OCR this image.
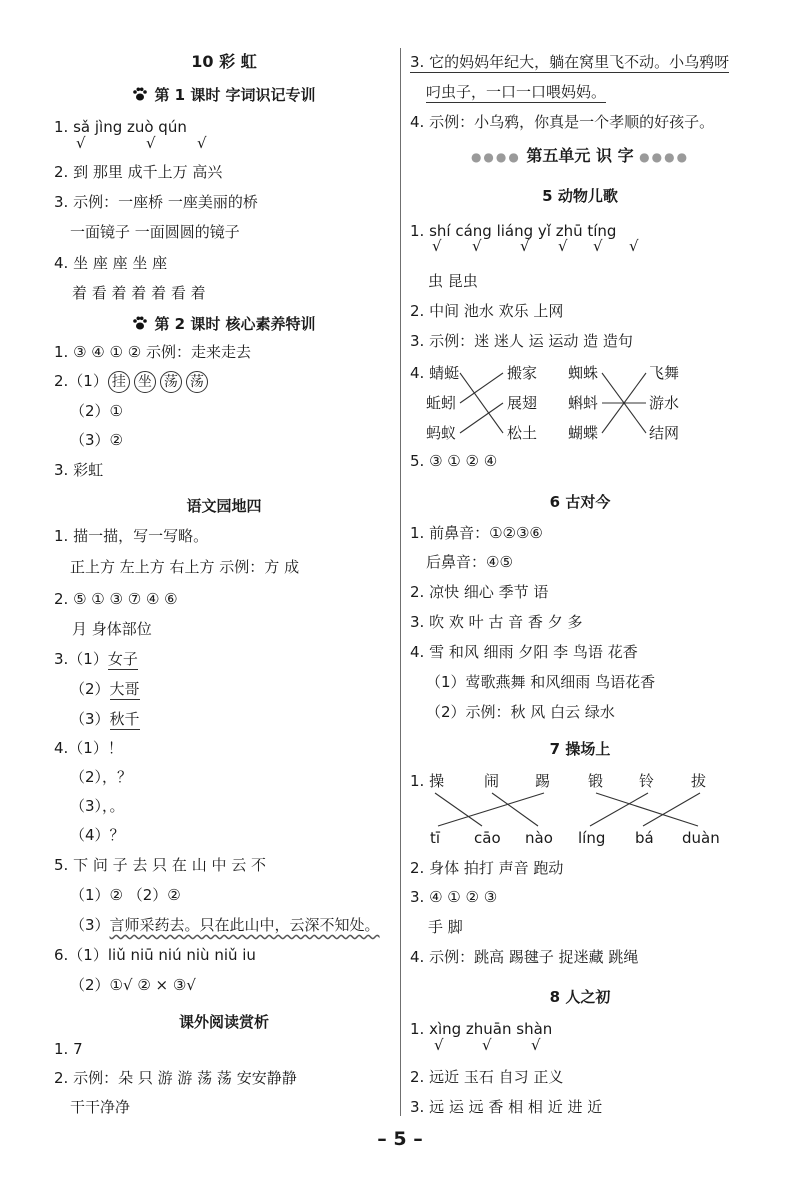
10 彩 虹
第 1 课时 字词识记专训
1. sǎ jìng zuò qún
√	√	√
2. 到 那里 成千上万 高兴
3. 示例：一座桥 一座美丽的桥
一面镜子 一面圆圆的镜子
4. 坐 座 座 坐 座
着 看 着 着 着 看 着
第 2 课时 核心素养特训
1. ③ ④ ① ② 示例：走来走去
2.（1） 挂 坐 荡 荡
（2）①
（3）②
3. 彩虹
语文园地四
1. 描一描，写一写略。
正上方 左上方 右上方 示例：方 成
2. ⑤ ① ③ ⑦ ④ ⑥
月 身体部位
3.（1）女子
（2）大哥
（3）秋千
4.（1）！
（2），？
（3），。
（4）？
5. 下 问 子 去 只 在 山 中 云 不
（1）② （2）②
（3）言师采药去。只在此山中，云深不知处。
6.（1）liǔ niū niú niù niǔ iu
（2）①√ ② × ③√
课外阅读赏析
1. 7
2. 示例：朵 只 游 游 荡 荡 安安静静
干干净净
3. 它的妈妈年纪大，躺在窝里飞不动。小乌鸦呀
叼虫子，一口一口喂妈妈。
4. 示例：小乌鸦，你真是一个孝顺的好孩子。
●●●● 第五单元 识 字 ●●●●
5 动物儿歌
1. shí cáng liáng yǐ zhū tíng
√ √	√ √ √ √
虫 昆虫
2. 中间 池水 欢乐 上网
3. 示例：迷 迷人 运 运动 造 造句
4. 蜻蜓
蚯蚓
蚂蚁
搬家
展翅
松土
蜘蛛
蝌蚪
蝴蝶
飞舞
游水
结网
5. ③ ① ② ④
6 古对今
1. 前鼻音：①②③⑥
后鼻音：④⑤
2. 凉快 细心 季节 语
3. 吹 欢 叶 古 音 香 夕 多
4. 雪 和风 细雨 夕阳 李 鸟语 花香
（1）莺歌燕舞 和风细雨 鸟语花香
（2）示例：秋 风 白云 绿水
7 操场上
1. 操	闹 踢	锻 铃 拔
tī cāo nào líng bá duàn
2. 身体 拍打 声音 跑动
3. ④ ① ② ③
手 脚
4. 示例：跳高 踢毽子 捉迷藏 跳绳
8 人之初
1. xìng zhuān shàn
√	√	√
2. 远近 玉石 自习 正义
3. 远 运 远 香 相 相 近 进 近
– 5 –
